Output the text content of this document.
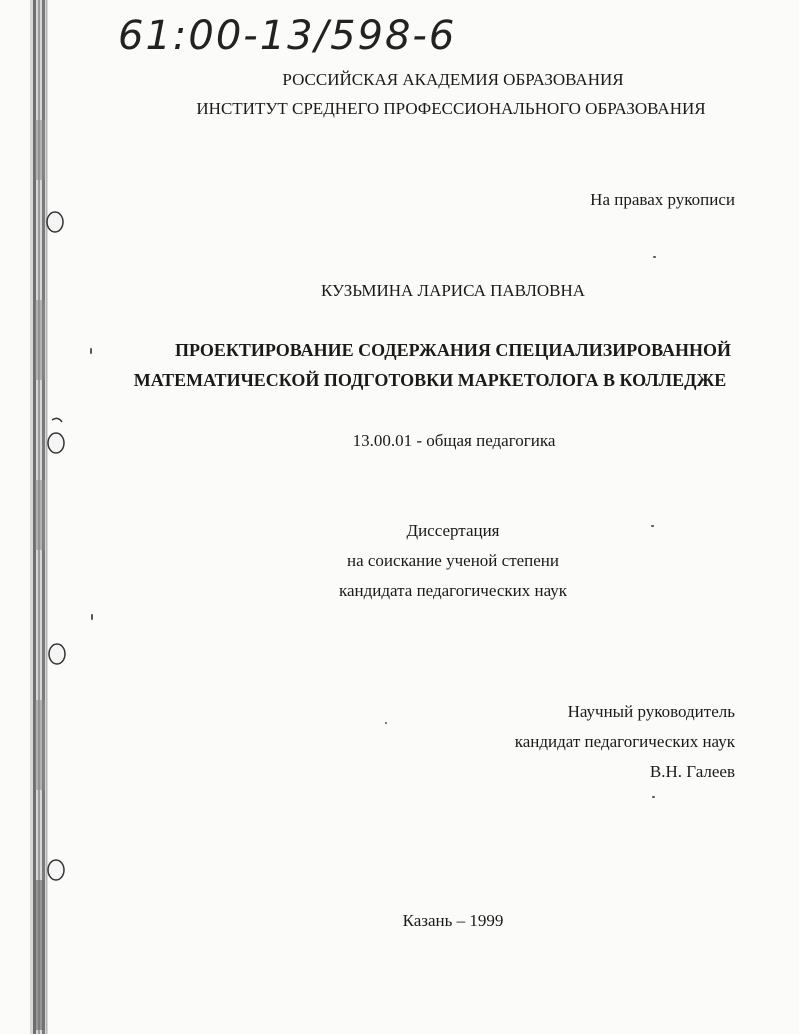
61:00-13/598-6
РОССИЙСКАЯ АКАДЕМИЯ ОБРАЗОВАНИЯ
ИНСТИТУТ СРЕДНЕГО ПРОФЕССИОНАЛЬНОГО ОБРАЗОВАНИЯ
На правах рукописи
КУЗЬМИНА ЛАРИСА ПАВЛОВНА
ПРОЕКТИРОВАНИЕ СОДЕРЖАНИЯ СПЕЦИАЛИЗИРОВАННОЙ
МАТЕМАТИЧЕСКОЙ ПОДГОТОВКИ МАРКЕТОЛОГА В КОЛЛЕДЖЕ
13.00.01 - общая педагогика
Диссертация
на соискание ученой степени
кандидата педагогических наук
Научный руководитель
кандидат педагогических наук
В.Н. Галеев
Казань – 1999
